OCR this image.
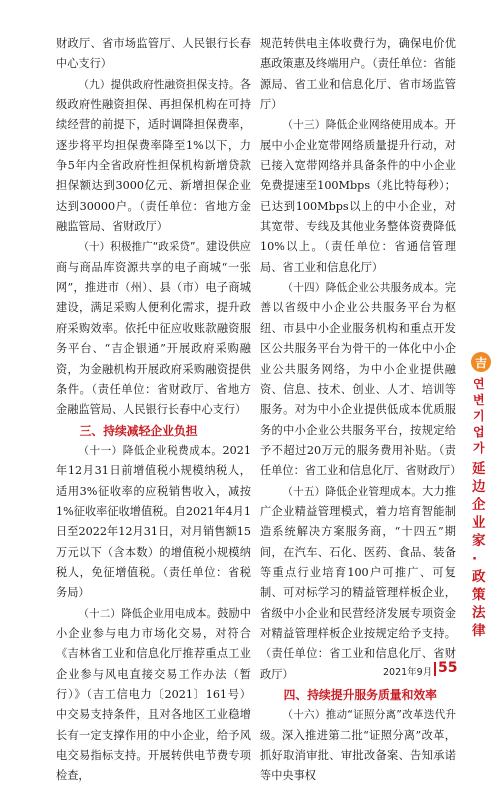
财政厅、省市场监管厅、人民银行长春中心支行）

（九）提供政府性融资担保支持。各级政府性融资担保、再担保机构在可持续经营的前提下，适时调降担保费率，逐步将平均担保费率降至1%以下，力争5年内全省政府性担保机构新增贷款担保额达到3000亿元、新增担保企业达到30000户。（责任单位：省地方金融监管局、省财政厅）

（十）积极推广“政采贷”。建设供应商与商品库资源共享的电子商城“一张网”，推进市（州）、县（市）电子商城建设，满足采购人便利化需求，提升政府采购效率。依托中征应收账款融资服务平台、“吉企银通”开展政府采购融资，为金融机构开展政府采购融资提供条件。（责任单位：省财政厅、省地方金融监管局、人民银行长春中心支行）

三、持续减轻企业负担

（十一）降低企业税费成本。2021年12月31日前增值税小规模纳税人，适用3%征收率的应税销售收入，减按1%征收率征收增值税。自2021年4月1日至2022年12月31日，对月销售额15万元以下（含本数）的增值税小规模纳税人，免征增值税。（责任单位：省税务局）

（十二）降低企业用电成本。鼓励中小企业参与电力市场化交易，对符合《吉林省工业和信息化厅推荐重点工业企业参与风电直接交易工作办法（暂行）》（吉工信电力〔2021〕161号）中交易支持条件，且对各地区工业稳增长有一定支撑作用的中小企业，给予风电交易指标支持。开展转供电节费专项检查，

规范转供电主体收费行为，确保电价优惠政策惠及终端用户。（责任单位：省能源局、省工业和信息化厅、省市场监管厅）

（十三）降低企业网络使用成本。开展中小企业宽带网络质量提升行动，对已接入宽带网络并具备条件的中小企业免费提速至100Mbps（兆比特每秒）；已达到100Mbps以上的中小企业，对其宽带、专线及其他业务整体资费降低10%以上。（责任单位：省通信管理局、省工业和信息化厅）

（十四）降低企业公共服务成本。完善以省级中小企业公共服务平台为枢纽、市县中小企业服务机构和重点开发区公共服务平台为骨干的一体化中小企业公共服务网络，为中小企业提供融资、信息、技术、创业、人才、培训等服务。对为中小企业提供低成本优质服务的中小企业公共服务平台，按规定给予不超过20万元的服务费用补贴。（责任单位：省工业和信息化厅、省财政厅）

（十五）降低企业管理成本。大力推广企业精益管理模式，着力培育智能制造系统解决方案服务商，“十四五”期间，在汽车、石化、医药、食品、装备等重点行业培育100户可推广、可复制、可对标学习的精益管理样板企业，省级中小企业和民营经济发展专项资金对精益管理样板企业按规定给予支持。（责任单位：省工业和信息化厅、省财政厅）

四、持续提升服务质量和效率

（十六）推动“证照分离”改革迭代升级。深入推进第二批“证照分离”改革，抓好取消审批、审批改备案、告知承诺等中央事权

吉
연변기업가
延边企业家·政策法律
2021年9月 55
